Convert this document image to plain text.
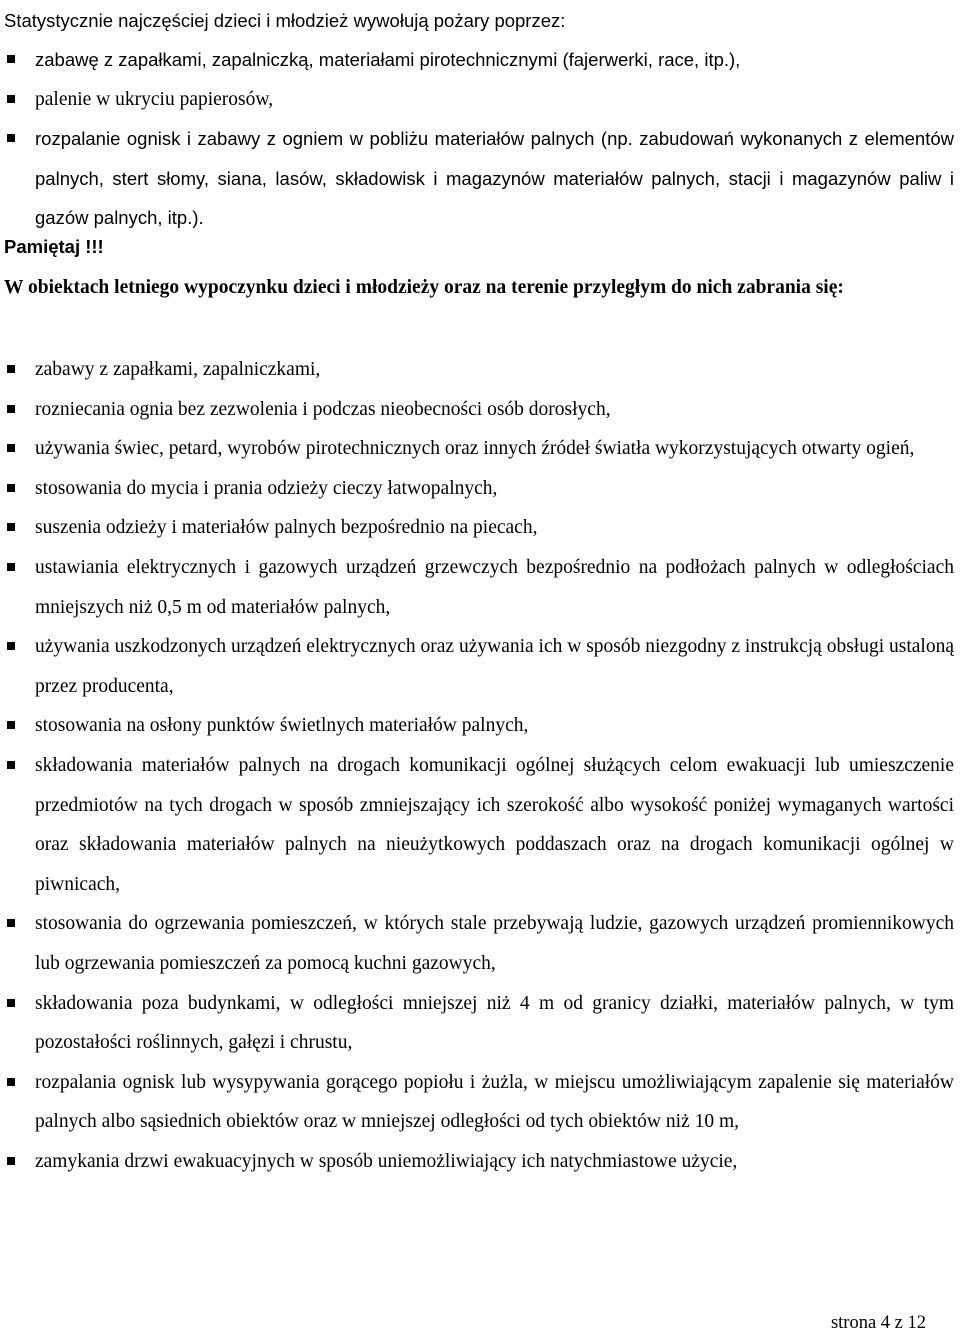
Statystycznie najczęściej dzieci i młodzież wywołują pożary poprzez:
zabawę z zapałkami, zapalniczką, materiałami pirotechnicznymi (fajerwerki, race, itp.),
palenie w ukryciu papierosów,
rozpalanie ognisk i zabawy z ogniem w pobliżu materiałów palnych (np. zabudowań wykonanych z elementów palnych, stert słomy, siana, lasów, składowisk i magazynów materiałów palnych, stacji i magazynów paliw i gazów palnych, itp.).
Pamiętaj !!!
W obiektach letniego wypoczynku dzieci i młodzieży oraz na terenie przyległym do nich zabrania się:
zabawy z zapałkami, zapalniczkami,
rozniecania ognia bez zezwolenia i podczas nieobecności osób dorosłych,
używania świec, petard, wyrobów pirotechnicznych oraz innych źródeł światła wykorzystujących otwarty ogień,
stosowania do mycia i prania odzieży cieczy łatwopalnych,
suszenia odzieży i materiałów palnych bezpośrednio na piecach,
ustawiania elektrycznych i gazowych urządzeń grzewczych bezpośrednio na podłożach palnych w odległościach mniejszych niż 0,5 m od materiałów palnych,
używania uszkodzonych urządzeń elektrycznych oraz używania ich w sposób niezgodny z instrukcją obsługi ustaloną przez producenta,
stosowania na osłony punktów świetlnych materiałów palnych,
składowania materiałów palnych na drogach komunikacji ogólnej służących celom ewakuacji lub umieszczenie przedmiotów na tych drogach w sposób zmniejszający ich szerokość albo wysokość poniżej wymaganych wartości oraz składowania materiałów palnych na nieużytkowych poddaszach oraz na drogach komunikacji ogólnej w piwnicach,
stosowania do ogrzewania pomieszczeń, w których stale przebywają ludzie, gazowych urządzeń promiennikowych lub ogrzewania pomieszczeń za pomocą kuchni gazowych,
składowania poza budynkami, w odległości mniejszej niż 4 m od granicy działki, materiałów palnych, w tym pozostałości roślinnych, gałęzi i chrustu,
rozpalania ognisk lub wysypywania gorącego popiołu i żużla, w miejscu umożliwiającym zapalenie się materiałów palnych albo sąsiednich obiektów oraz w mniejszej odległości od tych obiektów niż 10 m,
zamykania drzwi ewakuacyjnych w sposób uniemożliwiający ich natychmiastowe użycie,
strona 4 z 12
